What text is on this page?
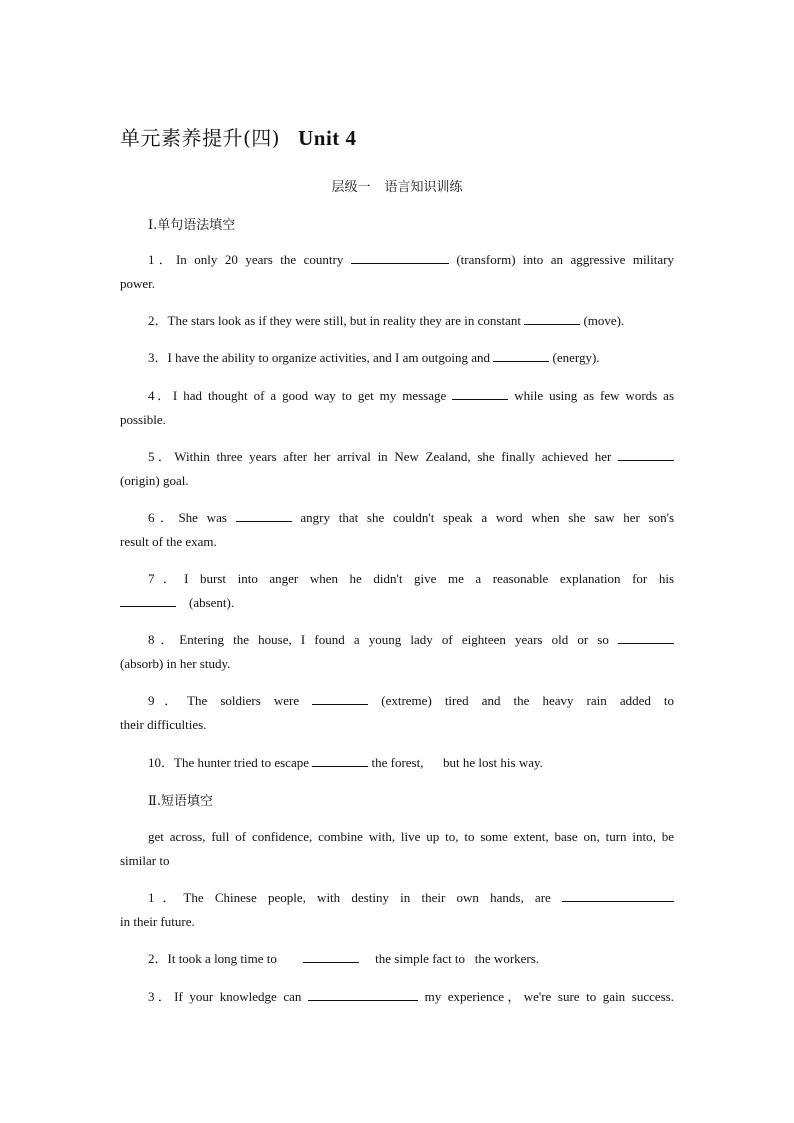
单元素养提升(四) Unit 4
层级一 语言知识训练
Ⅰ.单句语法填空
1．In only 20 years the country	(transform) into an aggressive military
power.
2．The stars look as if they were still, but in reality they are in constant	(move).
3．I have the ability to organize activities, and I am outgoing and	(energy).
4．I had thought of a good way to get my message	while using as few words as
possible.
5．Within three years after her arrival in New Zealand, she finally achieved her
(origin) goal.
6．She was	angry that she couldn't speak a word when she saw her son's
result of the exam.
7．I burst into anger when he didn't give me a reasonable explanation for his
(absent).
8．Entering the house, I found a young lady of eighteen years old or so
(absorb) in her study.
9．The soldiers were	(extreme) tired and the heavy rain added to
their difficulties.
10．The hunter tried to escape	the forest, but he lost his way.
Ⅱ.短语填空
get across, full of confidence, combine with, live up to, to some extent, base on, turn into, be
similar to
1．The Chinese people, with destiny in their own hands, are
in their future.
2．It took a long time to	the simple fact to the workers.
3．If your knowledge can	my experience，we're sure to gain success.
